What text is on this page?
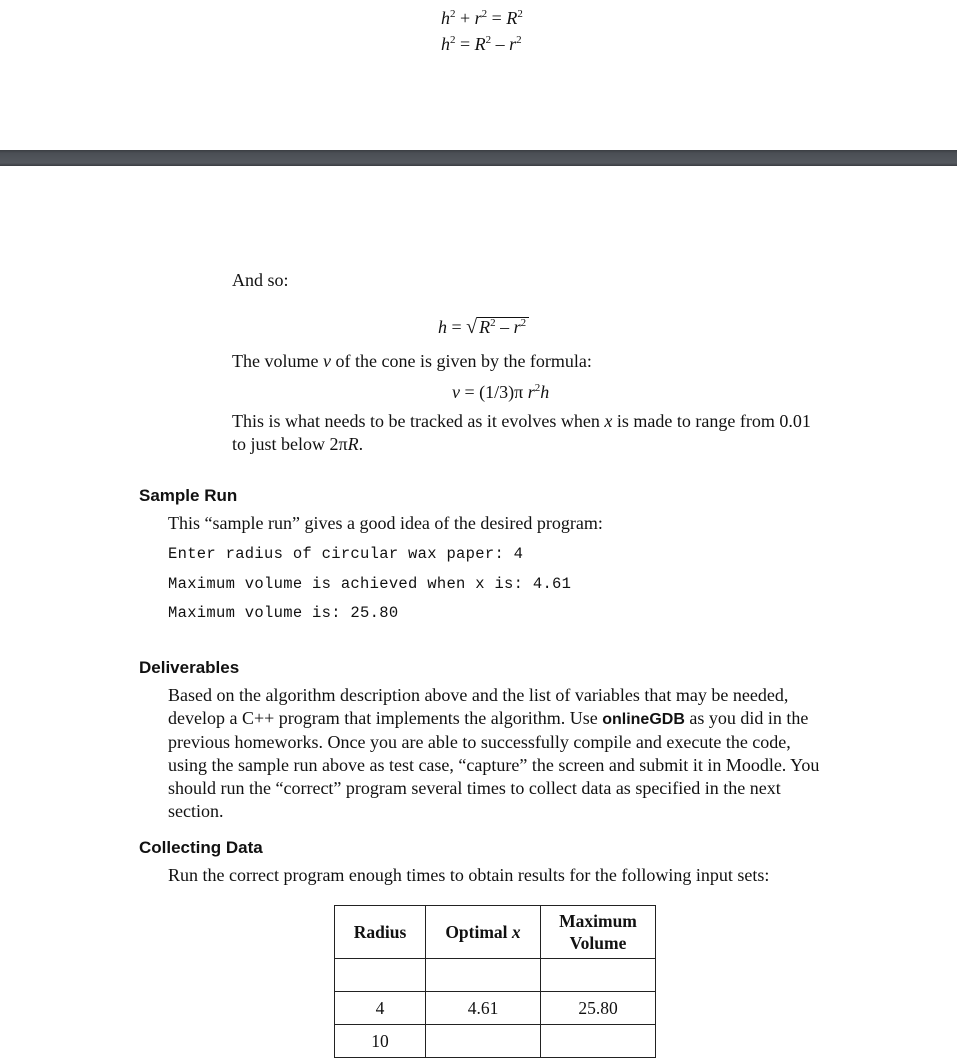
$h^2 + r^2 = R^2$
$h^2 = R^2 - r^2$
And so:
h = √ $R^2 - r^2$
The volume v of the cone is given by the formula:
v = (1/3)π $r^2h$
This is what needs to be tracked as it evolves when x is made to range from 0.01
to just below 2πR.
Sample Run
This “sample run” gives a good idea of the desired program:
Enter radius of circular wax paper: 4
Maximum volume is achieved when x is: 4.61
Maximum volume is: 25.80
Deliverables
Based on the algorithm description above and the list of variables that may be needed,
develop a C++ program that implements the algorithm. Use onlineGDB as you did in the
previous homeworks. Once you are able to successfully compile and execute the code,
using the sample run above as test case, “capture” the screen and submit it in Moodle. You
should run the “correct” program several times to collect data as specified in the next
section.
Collecting Data
Run the correct program enough times to obtain results for the following input sets:
Radius	Optimal x	Maximum
Volume

4	4.61	25.80
10		
